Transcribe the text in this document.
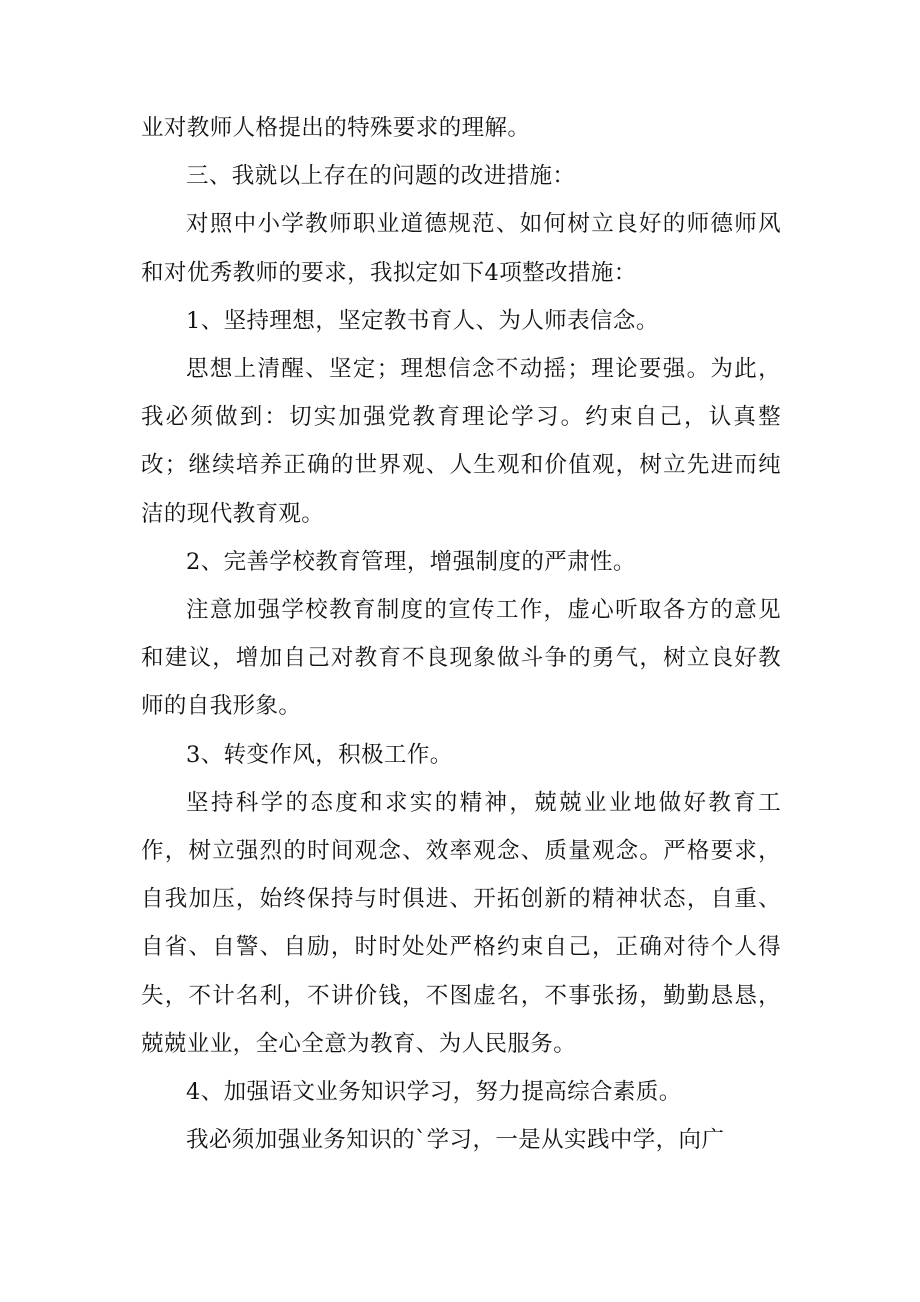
业对教师人格提出的特殊要求的理解。

三、我就以上存在的问题的改进措施：

对照中小学教师职业道德规范、如何树立良好的师德师风和对优秀教师的要求，我拟定如下4项整改措施：

1、坚持理想，坚定教书育人、为人师表信念。

思想上清醒、坚定；理想信念不动摇；理论要强。为此，我必须做到：切实加强党教育理论学习。约束自己，认真整改；继续培养正确的世界观、人生观和价值观，树立先进而纯洁的现代教育观。

2、完善学校教育管理，增强制度的严肃性。

注意加强学校教育制度的宣传工作，虚心听取各方的意见和建议，增加自己对教育不良现象做斗争的勇气，树立良好教师的自我形象。

3、转变作风，积极工作。

坚持科学的态度和求实的精神，兢兢业业地做好教育工作，树立强烈的时间观念、效率观念、质量观念。严格要求，自我加压，始终保持与时俱进、开拓创新的精神状态，自重、自省、自警、自励，时时处处严格约束自己，正确对待个人得失，不计名利，不讲价钱，不图虚名，不事张扬，勤勤恳恳，兢兢业业，全心全意为教育、为人民服务。

4、加强语文业务知识学习，努力提高综合素质。

我必须加强业务知识的`学习，一是从实践中学，向广
